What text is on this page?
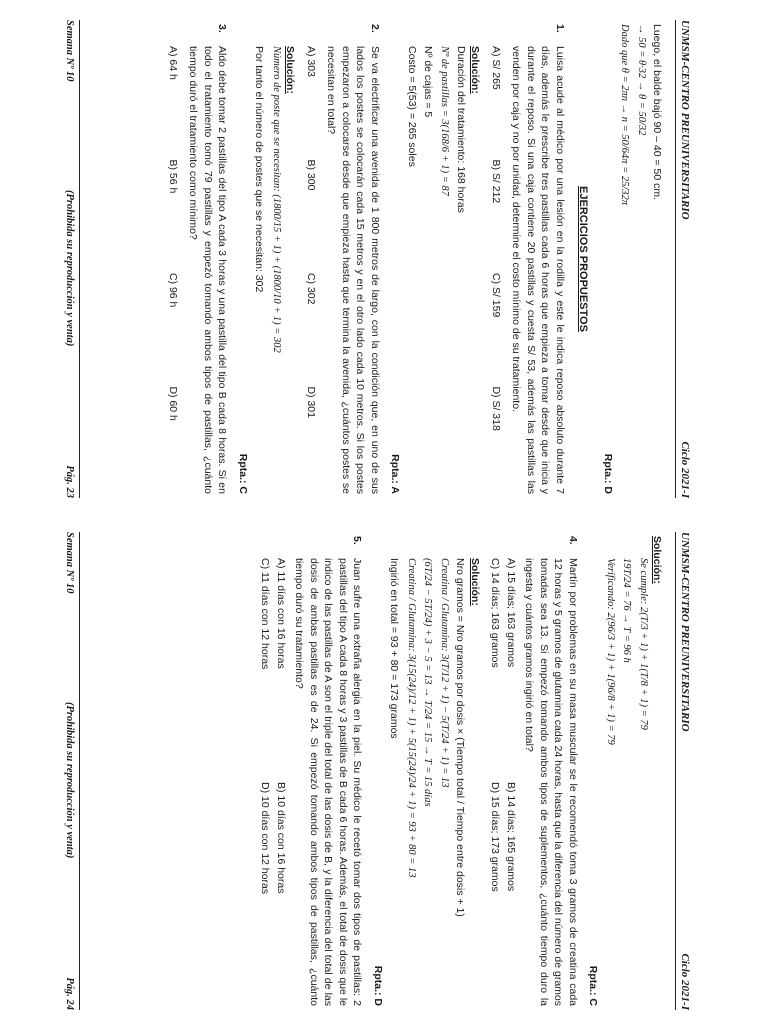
UNMSM-CENTRO PREUNIVERSITARIO
Ciclo 2021-I
Luego, el balde bajó 90 – 40 = 50 cm.
→ 50 = θ·32 → θ = 50/32
Dado que θ = 2πn → n = 50/64π = 25/32π
Rpta.: D
EJERCICIOS PROPUESTOS
1.
Luisa acude al médico por una lesión en la rodilla y este le indica reposo absoluto durante 7 días, además le prescribe tres pastillas cada 6 horas que empieza a tomar desde que inicia y durante el reposo. Si una caja contiene 20 pastillas y cuesta S/ 53, además las pastillas las venden por caja y no por unidad, determine el costo mínimo de su tratamiento.
A) S/ 265
B) S/ 212
C) S/ 159
D) S/ 318
Solución:
Duración del tratamiento: 168 horas
Nº de pastillas = 3(168/6 + 1) = 87
Nº de cajas = 5
Costo = 5(53) = 265 soles
Rpta.: A
2.
Se va electrificar una avenida de 1 800 metros de largo, con la condición que, en uno de sus lados los postes se colocarán cada 15 metros y en el otro lado cada 10 metros. Si los postes empezaron a colocarse desde que empieza hasta que termina la avenida, ¿cuántos postes se necesitan en total?
A) 303
B) 300
C) 302
D) 301
Solución:
Número de poste que se necesitan: (1800/15 + 1) + (1800/10 + 1) = 302
Por tanto el número de postes que se necesitan: 302
Rpta.: C
3.
Aldo debe tomar 2 pastillas del tipo A cada 3 horas y una pastilla del tipo B cada 8 horas. Si en todo el tratamiento tomó 79 pastillas y empezó tomando ambos tipos de pastillas, ¿cuánto tiempo duró el tratamiento como mínimo?
A) 64 h
B) 56 h
C) 96 h
D) 60 h
Semana Nº 10
(Prohibida su reproducción y venta)
Pág. 23
UNMSM-CENTRO PREUNIVERSITARIO
Ciclo 2021-I
Solución:
Se cumple: 2(T/3 + 1) + 1(T/8 + 1) = 79
19T/24 = 76 → T = 96 h
Verificando: 2(96/3 + 1) + 1(96/8 + 1) = 79
Rpta.: C
4.
Martín por problemas en su masa muscular se le recomendó toma 3 gramos de creatina cada 12 horas y 5 gramos de glutamina cada 24 horas, hasta que la diferencia del número de gramos tomadas sea 13. Si empezó tomando ambos tipos de suplementos, ¿cuánto tiempo duro la ingesta y cuántos gramos ingirió en total?
A) 15 días; 163 gramos
B) 14 días; 165 gramos
C) 14 días; 163 gramos
D) 15 días; 173 gramos
Solución:
Nro gramos = Nro gramos por dosis × (Tiempo total / Tiempo entre dosis + 1)
Creatina / Glutamina: 3(T/12 + 1) − 5(T/24 + 1) = 13
(6T/24 − 5T/24) + 3 − 5 = 13 → T/24 = 15 → T = 15 días
Creatina / Glutamina: 3(15(24)/12 + 1) + 5(15(24)/24 + 1) = 93 + 80 = 13
Ingirió en total = 93 + 80 = 173 gramos
Rpta.: D
5.
Juan sufre una extraña alergia en la piel. Su médico le recetó tomar dos tipos de pastillas: 2 pastillas del tipo A cada 8 horas y 3 pastillas de B cada 6 horas. Además, el total de dosis que le indico de las pastillas de A son el triple del total de las dosis de B, y la diferencia del total de las dosis de ambas pastillas es de 24. Si empezó tomando ambos tipos de pastillas, ¿cuánto tiempo duró su tratamiento?
A) 11 días con 16 horas
B) 10 días con 16 horas
C) 11 días con 12 horas
D) 10 días con 12 horas
Semana Nº 10
(Prohibida su reproducción y venta)
Pág. 24
